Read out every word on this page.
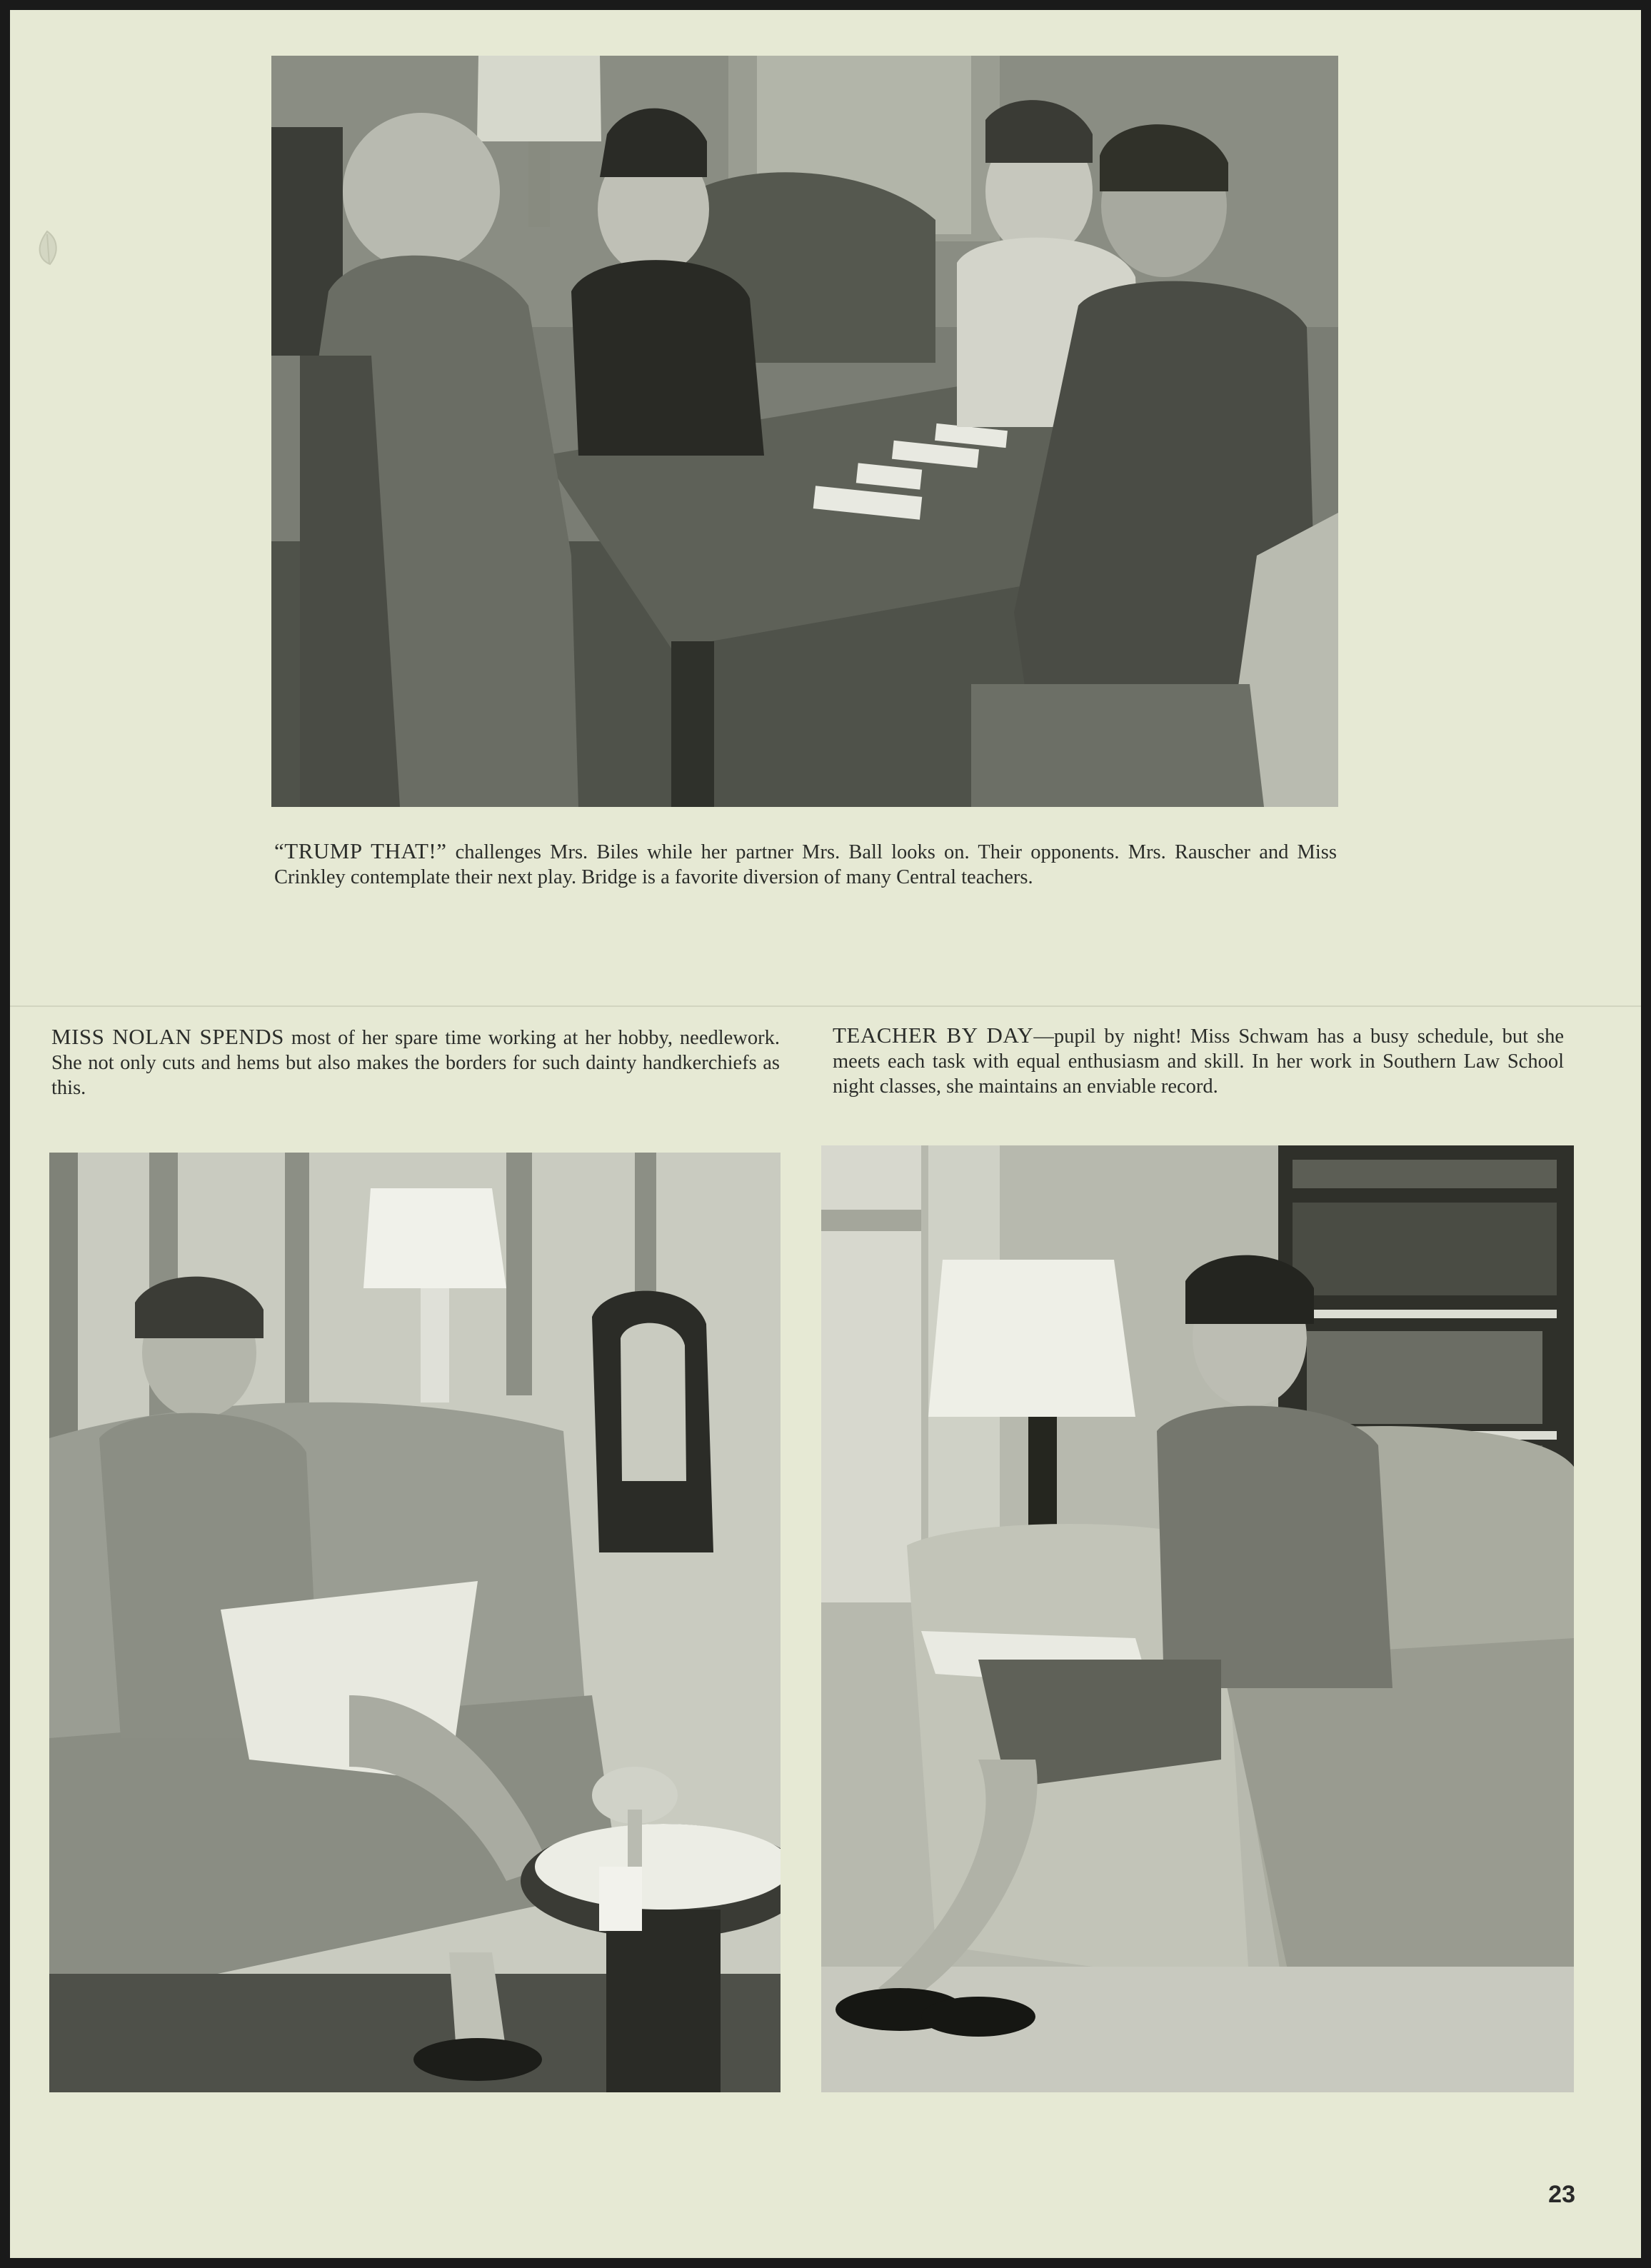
“TRUMP THAT!” challenges Mrs. Biles while her partner Mrs. Ball looks on. Their opponents. Mrs. Rauscher and Miss Crinkley contemplate their next play. Bridge is a favorite diversion of many Central teachers.

MISS NOLAN SPENDS most of her spare time working at her hobby, needlework. She not only cuts and hems but also makes the borders for such dainty handkerchiefs as this.

TEACHER BY DAY—pupil by night! Miss Schwam has a busy schedule, but she meets each task with equal enthusiasm and skill. In her work in Southern Law School night classes, she maintains an enviable record.

23
